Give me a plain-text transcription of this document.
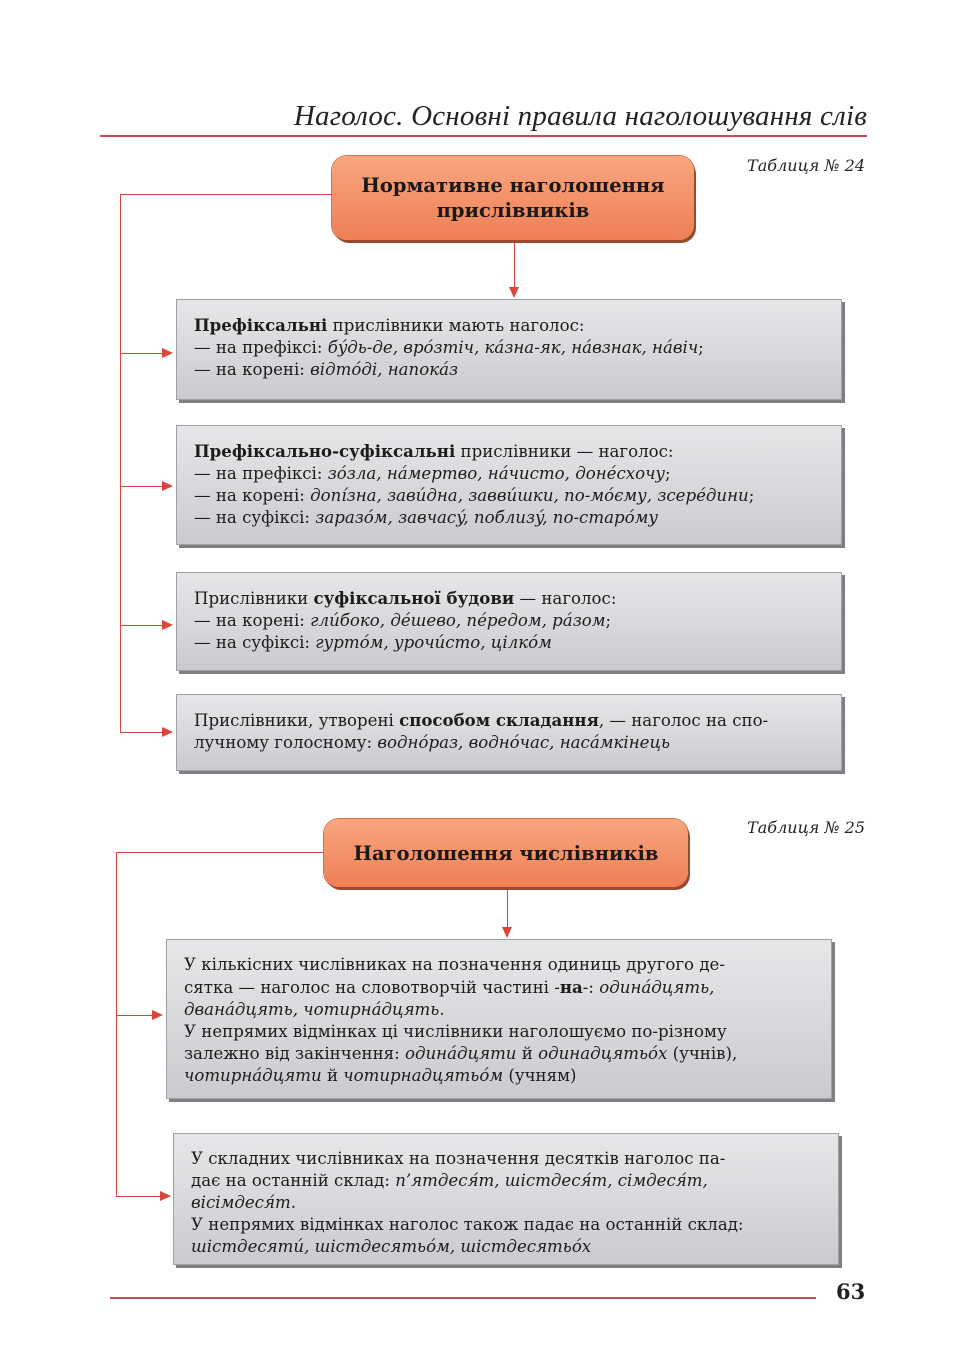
Наголос. Основні правила наголошування слів
Таблиця № 24
Нормативне наголошення
прислівників

Префіксальні прислівники мають наголос:

— на префіксі: бýдь-де, врóзтіч, кáзна-як, нáвзнак, нáвіч;

— на корені: відтóді, напокáз

Префіксально-суфіксальні прислівники — наголос:

— на префіксі: зóзла, нáмертво, нáчисто, донéсхочу;

— на корені: допíзна, завúдна, заввúшки, по-мóєму, зсерéдини;

— на суфіксі: заразóм, завчасý, поблизý, по-старóму

Прислівники суфіксальної будови — наголос:

— на корені: глúбоко, дéшево, пéредом, рáзом;

— на суфіксі: гуртóм, урочúсто, цілкóм

Прислівники, утворені способом складання, — наголос на спо-

лучному голосному: воднóраз, воднóчас, насáмкінець

Таблиця № 25
Наголошення числівників

У кількісних числівниках на позначення одиниць другого де-

сятка — наголос на словотворчій частині -на-: одинáдцять,

дванáдцять, чотирнáдцять.

У непрямих відмінках ці числівники наголошуємо по-різному

залежно від закінчення: одинáдцяти й одинадцятьóх (учнів),

чотирнáдцяти й чотирнадцятьóм (учням)

У складних числівниках на позначення десятків наголос па-

дає на останній склад: п’ятдеся́т, шістдеся́т, сімдеся́т,

вісімдеся́т.

У непрямих відмінках наголос також падає на останній склад:

шістдесятú, шістдесятьóм, шістдесятьóх

63
